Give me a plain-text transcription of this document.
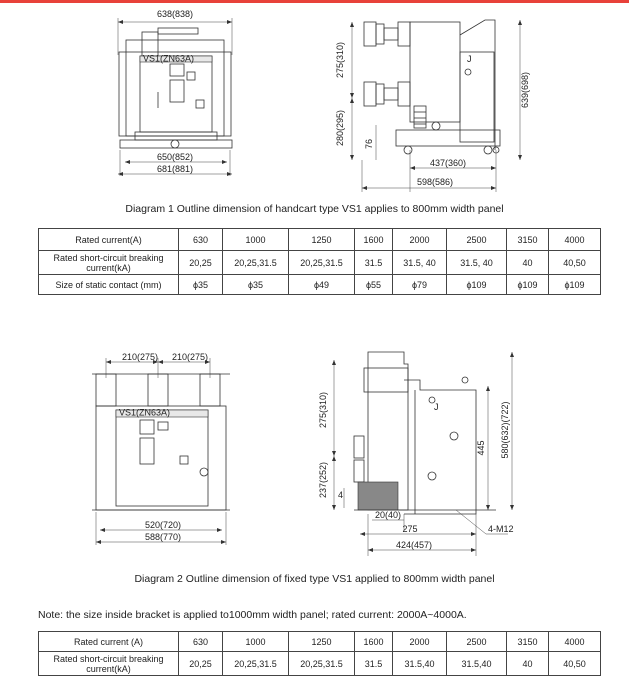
638(838)
VS1(ZN63A)
650(852)
681(881)
275(310)
280(295) 76
J
639(698)
437(360)
598(586)
210(275) 210(275)
VS1(ZN63A)
520(720)
588(770)
275(310)
237(252) 4
J
445 580(632)(722)
20(40)
275
424(457)
4-M12
Diagram 1 Outline dimension of handcart type VS1 applies to 800mm width panel
Rated current(A)	630	1000	1250	1600	2000	2500	3150	4000
Rated short-circuit breaking current(kA)	20,25	20,25,31.5	20,25,31.5	31.5	31.5, 40	31.5, 40	40	40,50
Size of static contact (mm)	ϕ35	ϕ35	ϕ49	ϕ55	ϕ79	ϕ109	ϕ109	ϕ109
Diagram 2 Outline dimension of fixed type VS1 applied to 800mm width panel
Note: the size inside bracket is applied to1000mm width panel; rated current: 2000A~4000A.
Rated current (A)	630	1000	1250	1600	2000	2500	3150	4000
Rated short-circuit breaking current(kA)	20,25	20,25,31.5	20,25,31.5	31.5	31.5,40	31.5,40	40	40,50
